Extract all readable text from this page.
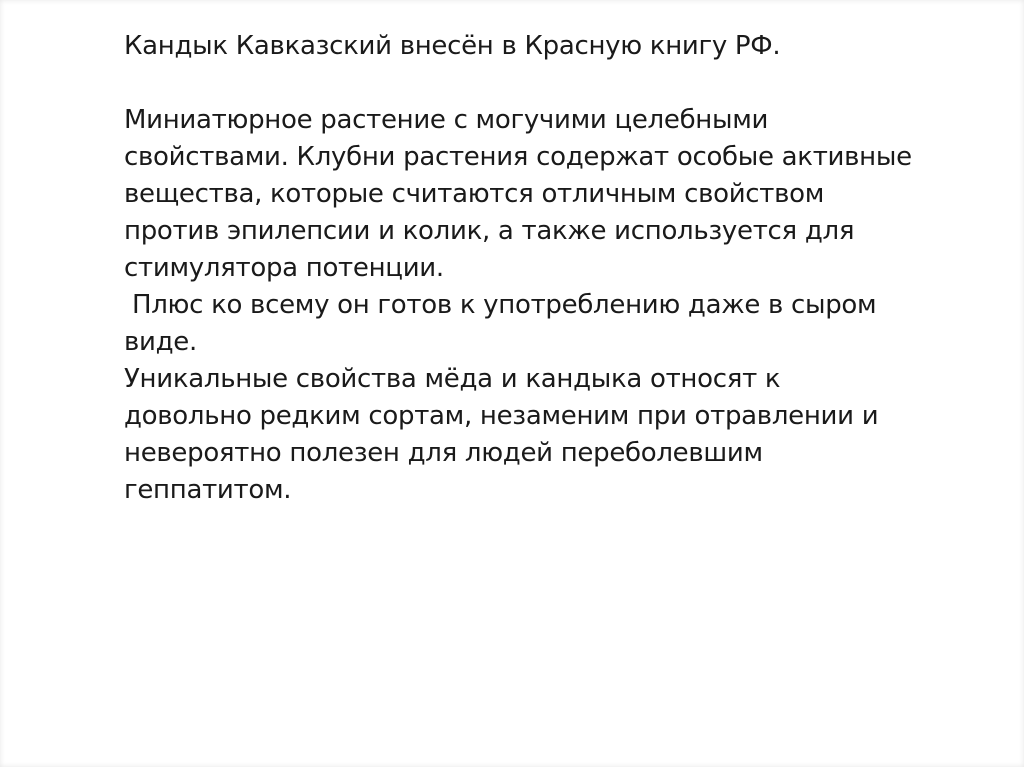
Кандык Кавказский внесён в Красную книгу РФ.
Миниатюрное растение с могучими целебными
свойствами. Клубни растения содержат особые активные
вещества, которые считаются отличным свойством
против эпилепсии и колик, а также используется для
стимулятора потенции.
Плюс ко всему он готов к употреблению даже в сыром
виде.
Уникальные свойства мёда и кандыка относят к
довольно редким сортам, незаменим при отравлении и
невероятно полезен для людей переболевшим
геппатитом.
